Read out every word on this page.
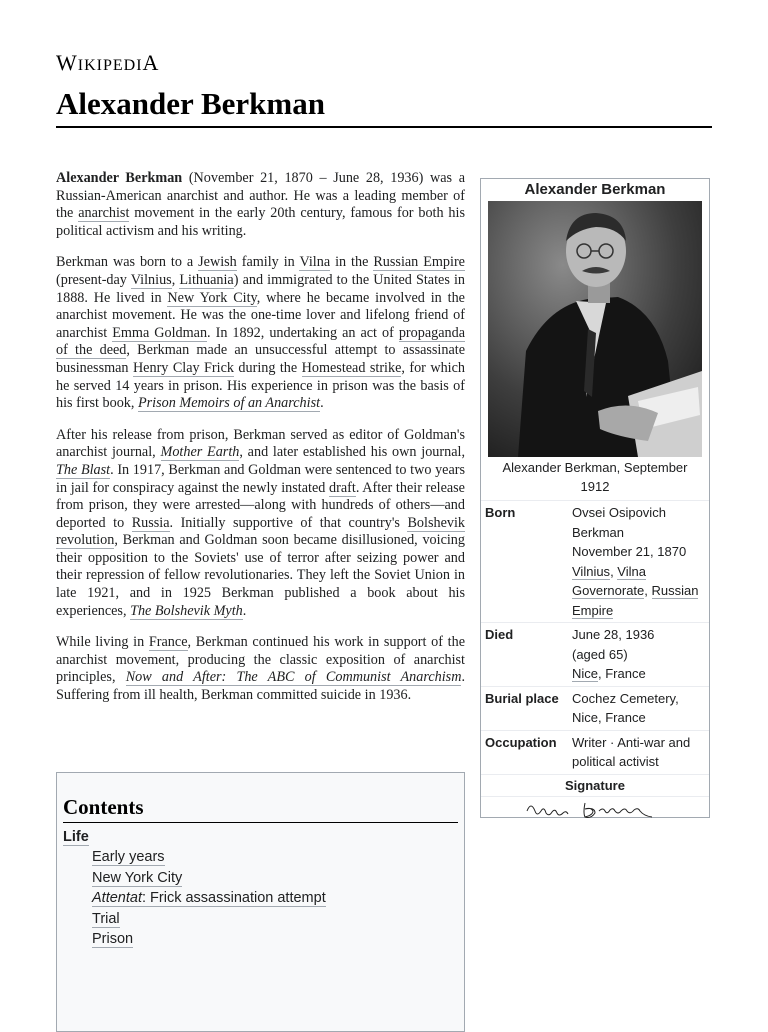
WIKIPEDIA
Alexander Berkman

Alexander Berkman (November 21, 1870 – June 28, 1936) was a Russian-American anarchist and author. He was a leading member of the anarchist movement in the early 20th century, famous for both his political activism and his writing.

Berkman was born to a Jewish family in Vilna in the Russian Empire (present-day Vilnius, Lithuania) and immigrated to the United States in 1888. He lived in New York City, where he became involved in the anarchist movement. He was the one-time lover and lifelong friend of anarchist Emma Goldman. In 1892, undertaking an act of propaganda of the deed, Berkman made an unsuccessful attempt to assassinate businessman Henry Clay Frick during the Homestead strike, for which he served 14 years in prison. His experience in prison was the basis of his first book, Prison Memoirs of an Anarchist.

After his release from prison, Berkman served as editor of Goldman's anarchist journal, Mother Earth, and later established his own journal, The Blast. In 1917, Berkman and Goldman were sentenced to two years in jail for conspiracy against the newly instated draft. After their release from prison, they were arrested—along with hundreds of others—and deported to Russia. Initially supportive of that country's Bolshevik revolution, Berkman and Goldman soon became disillusioned, voicing their opposition to the Soviets' use of terror after seizing power and their repression of fellow revolutionaries. They left the Soviet Union in late 1921, and in 1925 Berkman published a book about his experiences, The Bolshevik Myth.

While living in France, Berkman continued his work in support of the anarchist movement, producing the classic exposition of anarchist principles, Now and After: The ABC of Communist Anarchism. Suffering from ill health, Berkman committed suicide in 1936.

Alexander Berkman
Alexander Berkman, September 1912
Born	Ovsei Osipovich Berkman
November 21, 1870
Vilnius, Vilna Governorate, Russian Empire
Died	June 28, 1936
(aged 65)
Nice, France
Burial place	Cochez Cemetery, Nice, France
Occupation	Writer · Anti-war and political activist
Signature
Contents
Life
Early years
New York City
Attentat: Frick assassination attempt
Trial
Prison
